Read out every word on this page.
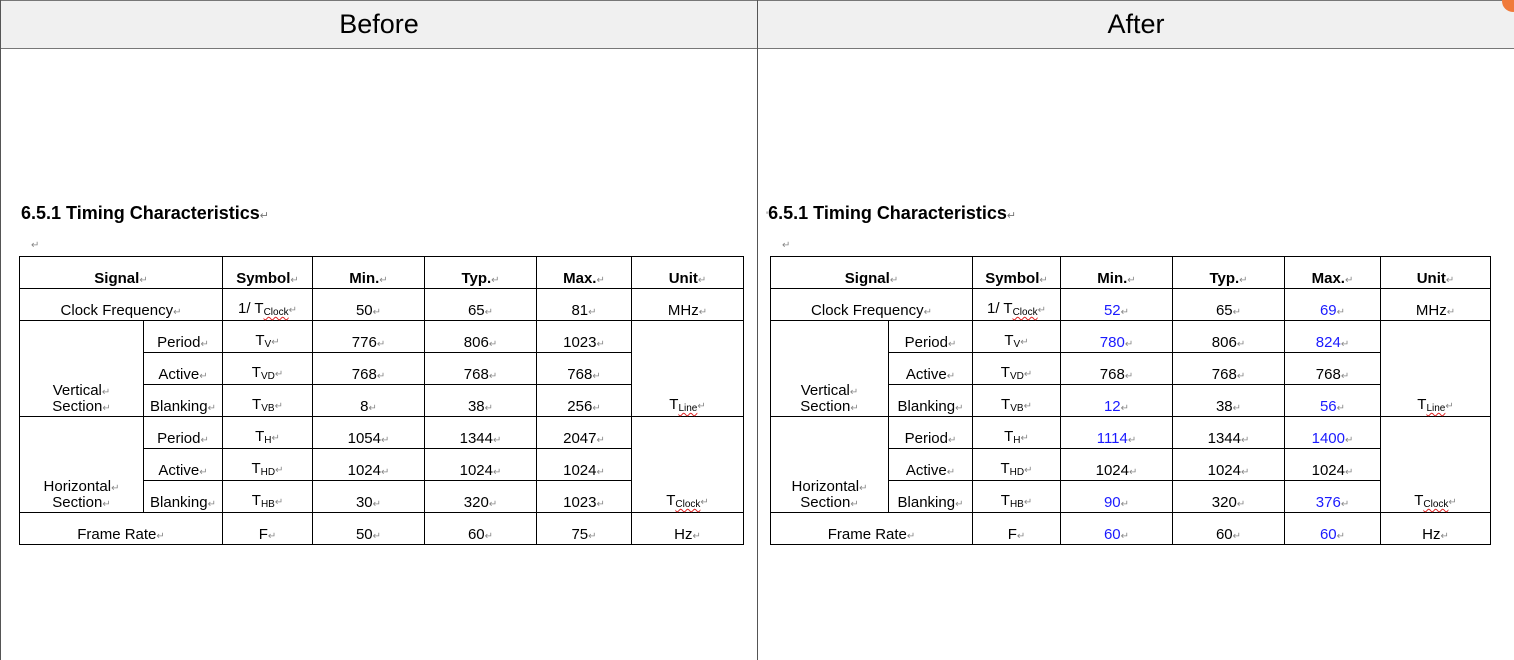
Before
6.5.1 Timing Characteristics↵
↵
Signal↵		Symbol↵	Min.↵	Typ.↵	Max.↵	Unit↵
Clock Frequency↵		1/ $T_{Clock}↵$	50↵	65↵	81↵	MHz↵
Vertical↵
Section↵	Period↵	$T_V↵$	776↵	806↵	1023↵	$T_{Line}↵$
	Active↵	$T_{VD}↵$	768↵	768↵	768↵	
	Blanking↵	$T_{VB}↵$	8↵	38↵	256↵	
Horizontal↵
Section↵	Period↵	$T_H↵$	1054↵	1344↵	2047↵	$T_{Clock}↵$
	Active↵	$T_{HD}↵$	1024↵	1024↵	1024↵	
	Blanking↵	$T_{HB}↵$	30↵	320↵	1023↵	
Frame Rate↵		F↵	50↵	60↵	75↵	Hz↵
After
'6.5.1 Timing Characteristics↵
↵
Signal↵		Symbol↵	Min.↵	Typ.↵	Max.↵	Unit↵
Clock Frequency↵		1/ $T_{Clock}↵$	52↵	65↵	69↵	MHz↵
Vertical↵
Section↵	Period↵	$T_V↵$	780↵	806↵	824↵	$T_{Line}↵$
	Active↵	$T_{VD}↵$	768↵	768↵	768↵	
	Blanking↵	$T_{VB}↵$	12↵	38↵	56↵	
Horizontal↵
Section↵	Period↵	$T_H↵$	1114↵	1344↵	1400↵	$T_{Clock}↵$
	Active↵	$T_{HD}↵$	1024↵	1024↵	1024↵	
	Blanking↵	$T_{HB}↵$	90↵	320↵	376↵	
Frame Rate↵		F↵	60↵	60↵	60↵	Hz↵
